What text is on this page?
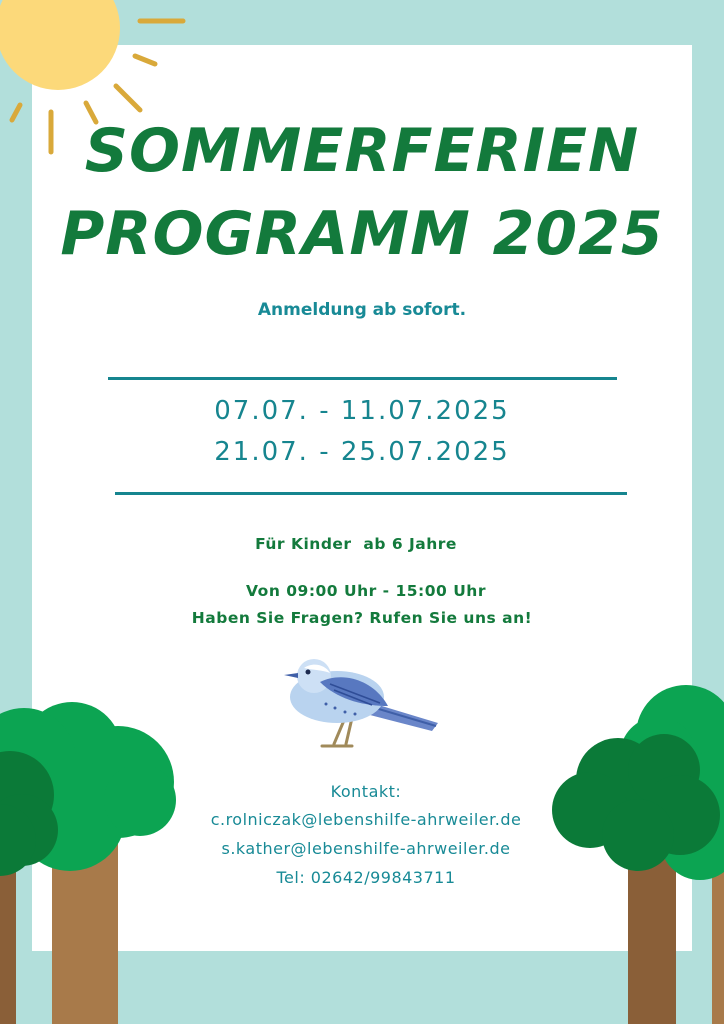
SOMMERFERIEN
PROGRAMM 2025
Anmeldung ab sofort.
07.07. - 11.07.2025
21.07. - 25.07.2025
Für Kinder  ab 6 Jahre
Von 09:00 Uhr - 15:00 Uhr
Haben Sie Fragen? Rufen Sie uns an!
Kontakt:
c.rolniczak@lebenshilfe-ahrweiler.de
s.kather@lebenshilfe-ahrweiler.de
Tel: 02642/99843711
